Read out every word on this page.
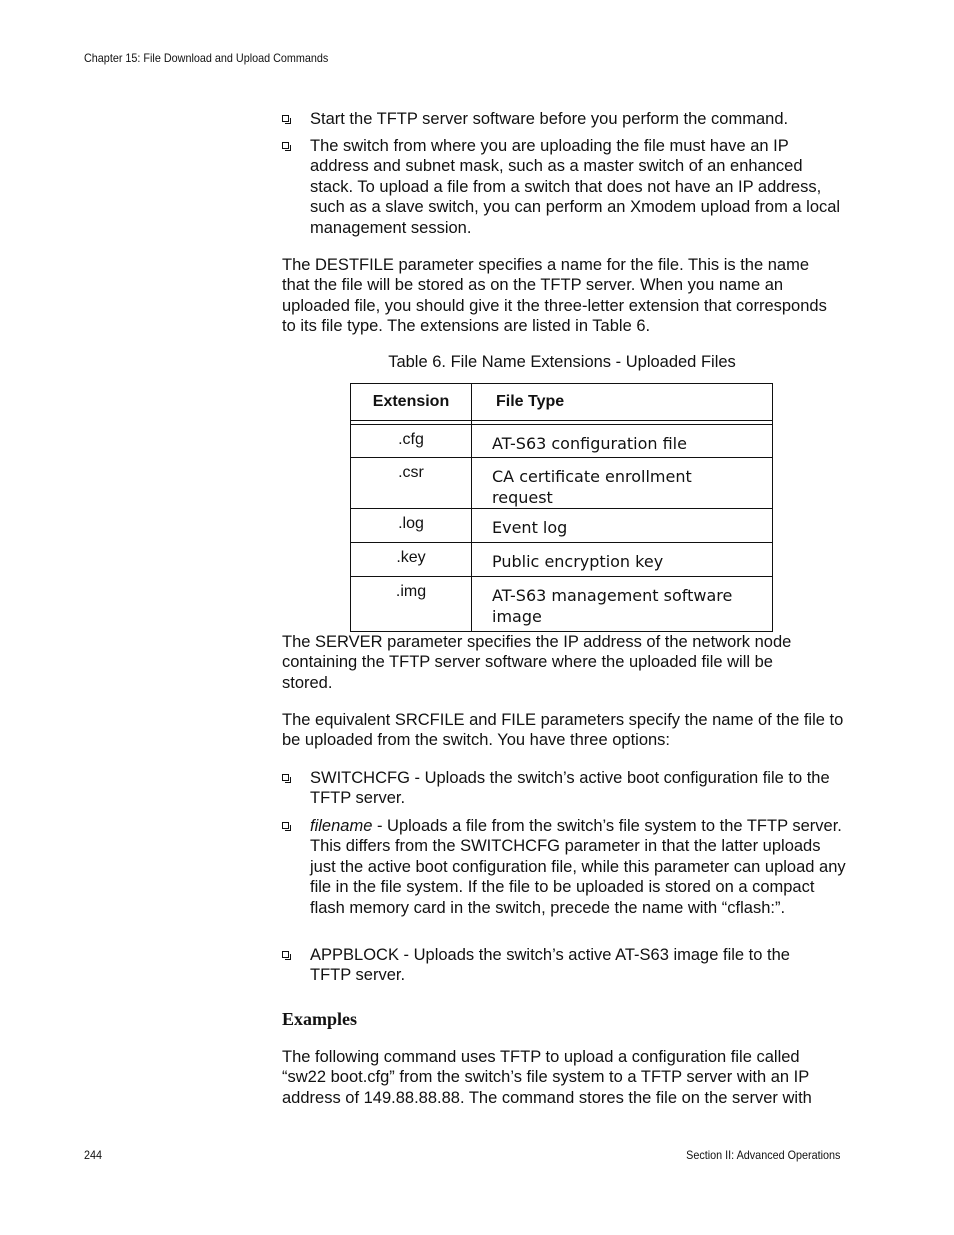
Chapter 15: File Download and Upload Commands
Start the TFTP server software before you perform the command.
The switch from where you are uploading the file must have an IP address and subnet mask, such as a master switch of an enhanced stack. To upload a file from a switch that does not have an IP address, such as a slave switch, you can perform an Xmodem upload from a local management session.
The DESTFILE parameter specifies a name for the file. This is the name that the file will be stored as on the TFTP server. When you name an uploaded file, you should give it the three-letter extension that corresponds to its file type. The extensions are listed in Table 6.
Table 6. File Name Extensions - Uploaded Files
Extension	File Type

.cfg	AT-S63 configuration file
.csr	CA certificate enrollment request
.log	Event log
.key	Public encryption key
.img	AT-S63 management software image
The SERVER parameter specifies the IP address of the network node containing the TFTP server software where the uploaded file will be stored.
The equivalent SRCFILE and FILE parameters specify the name of the file to be uploaded from the switch. You have three options:
SWITCHCFG - Uploads the switch’s active boot configuration file to the TFTP server.
filename - Uploads a file from the switch’s file system to the TFTP server. This differs from the SWITCHCFG parameter in that the latter uploads just the active boot configuration file, while this parameter can upload any file in the file system. If the file to be uploaded is stored on a compact flash memory card in the switch, precede the name with “cflash:”.
APPBLOCK - Uploads the switch’s active AT-S63 image file to the TFTP server.
Examples
The following command uses TFTP to upload a configuration file called “sw22 boot.cfg” from the switch’s file system to a TFTP server with an IP address of 149.88.88.88. The command stores the file on the server with
244	Section II: Advanced Operations
